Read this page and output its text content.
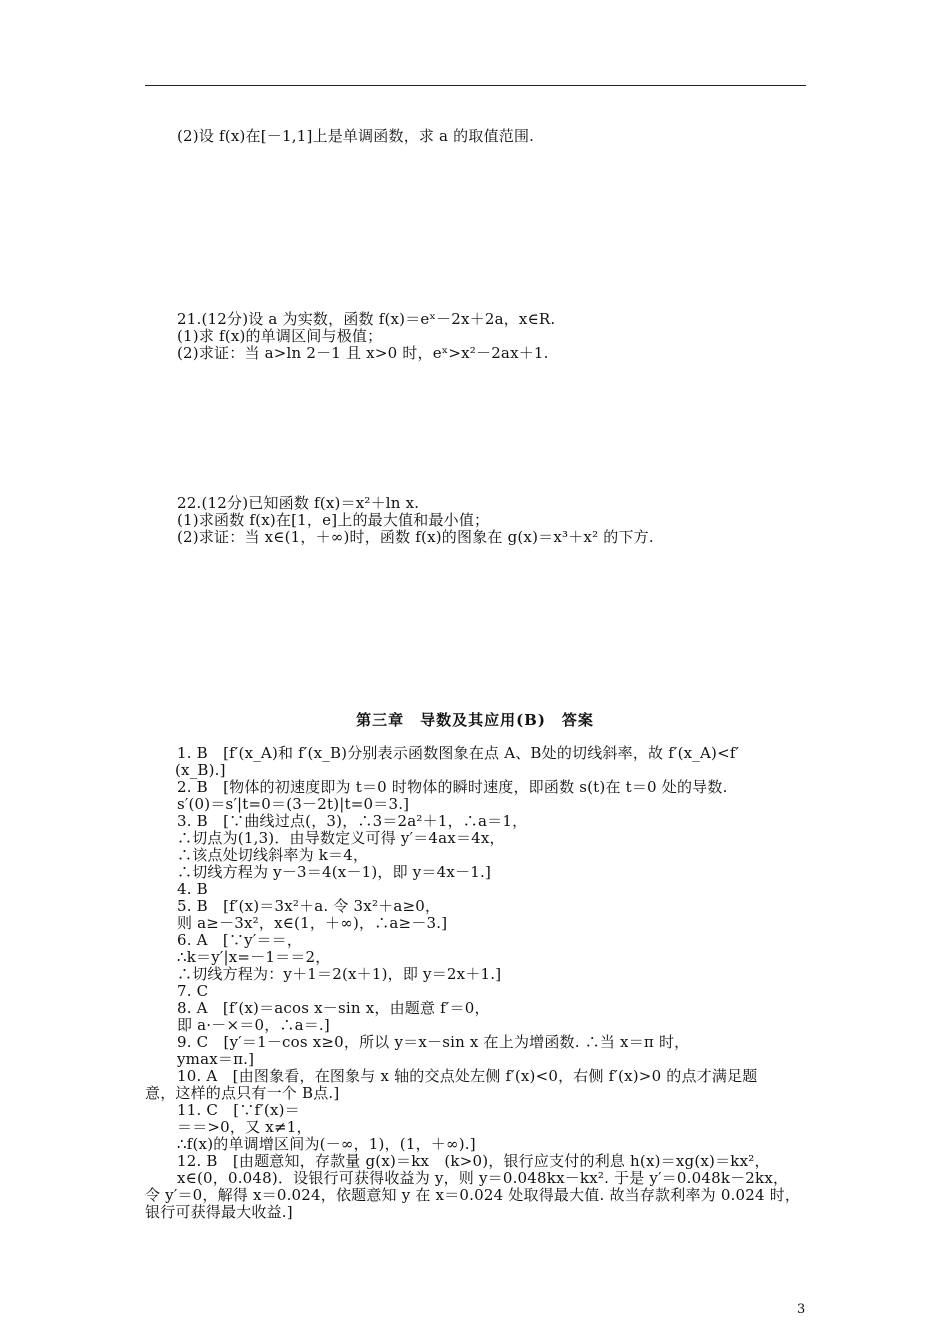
(2)设 f(x)在[－1,1]上是单调函数，求 a 的取值范围.
21.(12分)设 a 为实数，函数 f(x)＝eˣ－2x＋2a，x∈R.
(1)求 f(x)的单调区间与极值；
(2)求证：当 a>ln 2－1 且 x>0 时，eˣ>x²－2ax＋1.
22.(12分)已知函数 f(x)＝x²＋ln x.
(1)求函数 f(x)在[1，e]上的最大值和最小值；
(2)求证：当 x∈(1，＋∞)时，函数 f(x)的图象在 g(x)＝x³＋x² 的下方.
第三章　导数及其应用(B)　答案
1. B　[f′(x_A)和 f′(x_B)分别表示函数图象在点 A、B处的切线斜率，故 f′(x_A)<f′
(x_B).]
2. B　[物体的初速度即为 t＝0 时物体的瞬时速度，即函数 s(t)在 t＝0 处的导数.
s′(0)＝s′|t=0＝(3－2t)|t=0＝3.]
3. B　[∵曲线过点(，3)，∴3＝2a²＋1，∴a＝1，
∴切点为(1,3)．由导数定义可得 y′＝4ax＝4x，
∴该点处切线斜率为 k＝4，
∴切线方程为 y－3＝4(x－1)，即 y＝4x－1.]
4. B
5. B　[f′(x)＝3x²＋a. 令 3x²＋a≥0，
则 a≥－3x²，x∈(1，＋∞)，∴a≥－3.]
6. A　[∵y′＝＝，
∴k＝y′|x=－1＝＝2，
∴切线方程为：y＋1＝2(x＋1)，即 y＝2x＋1.]
7. C
8. A　[f′(x)＝acos x－sin x，由题意 f′＝0，
即 a·－×＝0，∴a＝.]
9. C　[y′＝1－cos x≥0，所以 y＝x－sin x 在上为增函数. ∴当 x＝π 时，
ymax＝π.]
10. A　[由图象看，在图象与 x 轴的交点处左侧 f′(x)<0，右侧 f′(x)>0 的点才满足题
意，这样的点只有一个 B点.]
11. C　[∵f′(x)＝
＝＝>0，又 x≠1，
∴f(x)的单调增区间为(－∞，1)，(1，＋∞).]
12. B　[由题意知，存款量 g(x)＝kx　(k>0)，银行应支付的利息 h(x)＝xg(x)＝kx²，
x∈(0，0.048)．设银行可获得收益为 y，则 y＝0.048kx－kx². 于是 y′＝0.048k－2kx，
令 y′＝0，解得 x＝0.024，依题意知 y 在 x＝0.024 处取得最大值. 故当存款利率为 0.024 时，
银行可获得最大收益.]
3
